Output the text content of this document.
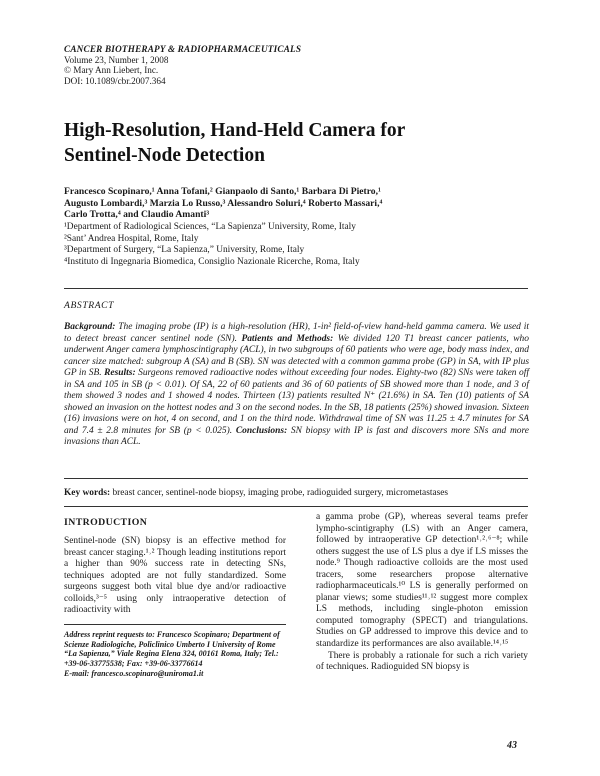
CANCER BIOTHERAPY & RADIOPHARMACEUTICALS
Volume 23, Number 1, 2008
© Mary Ann Liebert, Inc.
DOI: 10.1089/cbr.2007.364
High-Resolution, Hand-Held Camera for
Sentinel-Node Detection
Francesco Scopinaro,¹ Anna Tofani,² Gianpaolo di Santo,¹ Barbara Di Pietro,¹
Augusto Lombardi,³ Marzia Lo Russo,³ Alessandro Soluri,⁴ Roberto Massari,⁴
Carlo Trotta,⁴ and Claudio Amanti³
¹Department of Radiological Sciences, “La Sapienza” University, Rome, Italy
²Sant’ Andrea Hospital, Rome, Italy
³Department of Surgery, “La Sapienza,” University, Rome, Italy
⁴Instituto di Ingegnaria Biomedica, Consiglio Nazionale Ricerche, Roma, Italy
ABSTRACT
Background: The imaging probe (IP) is a high-resolution (HR), 1-in² field-of-view hand-held gamma camera. We used it to detect breast cancer sentinel node (SN). Patients and Methods: We divided 120 T1 breast cancer patients, who underwent Anger camera lymphoscintigraphy (ACL), in two subgroups of 60 patients who were age, body mass index, and cancer size matched: subgroup A (SA) and B (SB). SN was detected with a common gamma probe (GP) in SA, with IP plus GP in SB. Results: Surgeons removed radioactive nodes without exceeding four nodes. Eighty-two (82) SNs were taken off in SA and 105 in SB (p < 0.01). Of SA, 22 of 60 patients and 36 of 60 patients of SB showed more than 1 node, and 3 of them showed 3 nodes and 1 showed 4 nodes. Thirteen (13) patients resulted N⁺ (21.6%) in SA. Ten (10) patients of SA showed an invasion on the hottest nodes and 3 on the second nodes. In the SB, 18 patients (25%) showed invasion. Sixteen (16) invasions were on hot, 4 on second, and 1 on the third node. Withdrawal time of SN was 11.25 ± 4.7 minutes for SA and 7.4 ± 2.8 minutes for SB (p < 0.025). Conclusions: SN biopsy with IP is fast and discovers more SNs and more invasions than ACL.
Key words: breast cancer, sentinel-node biopsy, imaging probe, radioguided surgery, micrometastases
INTRODUCTION

Sentinel-node (SN) biopsy is an effective method for breast cancer staging.¹˒² Though leading institutions report a higher than 90% success rate in detecting SNs, techniques adopted are not fully standardized. Some surgeons suggest both vital blue dye and/or radioactive colloids,³⁻⁵ using only intraoperative detection of radioactivity with

Address reprint requests to: Francesco Scopinaro; Department of Scienze Radiologiche, Policlinico Umberto I University of Rome “La Sapienza,” Viale Regina Elena 324, 00161 Roma, Italy; Tel.: +39-06-33775538; Fax: +39-06-33776614
E-mail: francesco.scopinaro@uniroma1.it

a gamma probe (GP), whereas several teams prefer lympho-scintigraphy (LS) with an Anger camera, followed by intraoperative GP detection¹˒²˒⁶⁻⁸; while others suggest the use of LS plus a dye if LS misses the node.⁹ Though radioactive colloids are the most used tracers, some researchers propose alternative radiopharmaceuticals.¹⁰ LS is generally performed on planar views; some studies¹¹˒¹² suggest more complex LS methods, including single-photon emission computed tomography (SPECT) and triangulations. Studies on GP addressed to improve this device and to standardize its performances are also available.¹⁴˒¹⁵

There is probably a rationale for such a rich variety of techniques. Radioguided SN biopsy is

43
